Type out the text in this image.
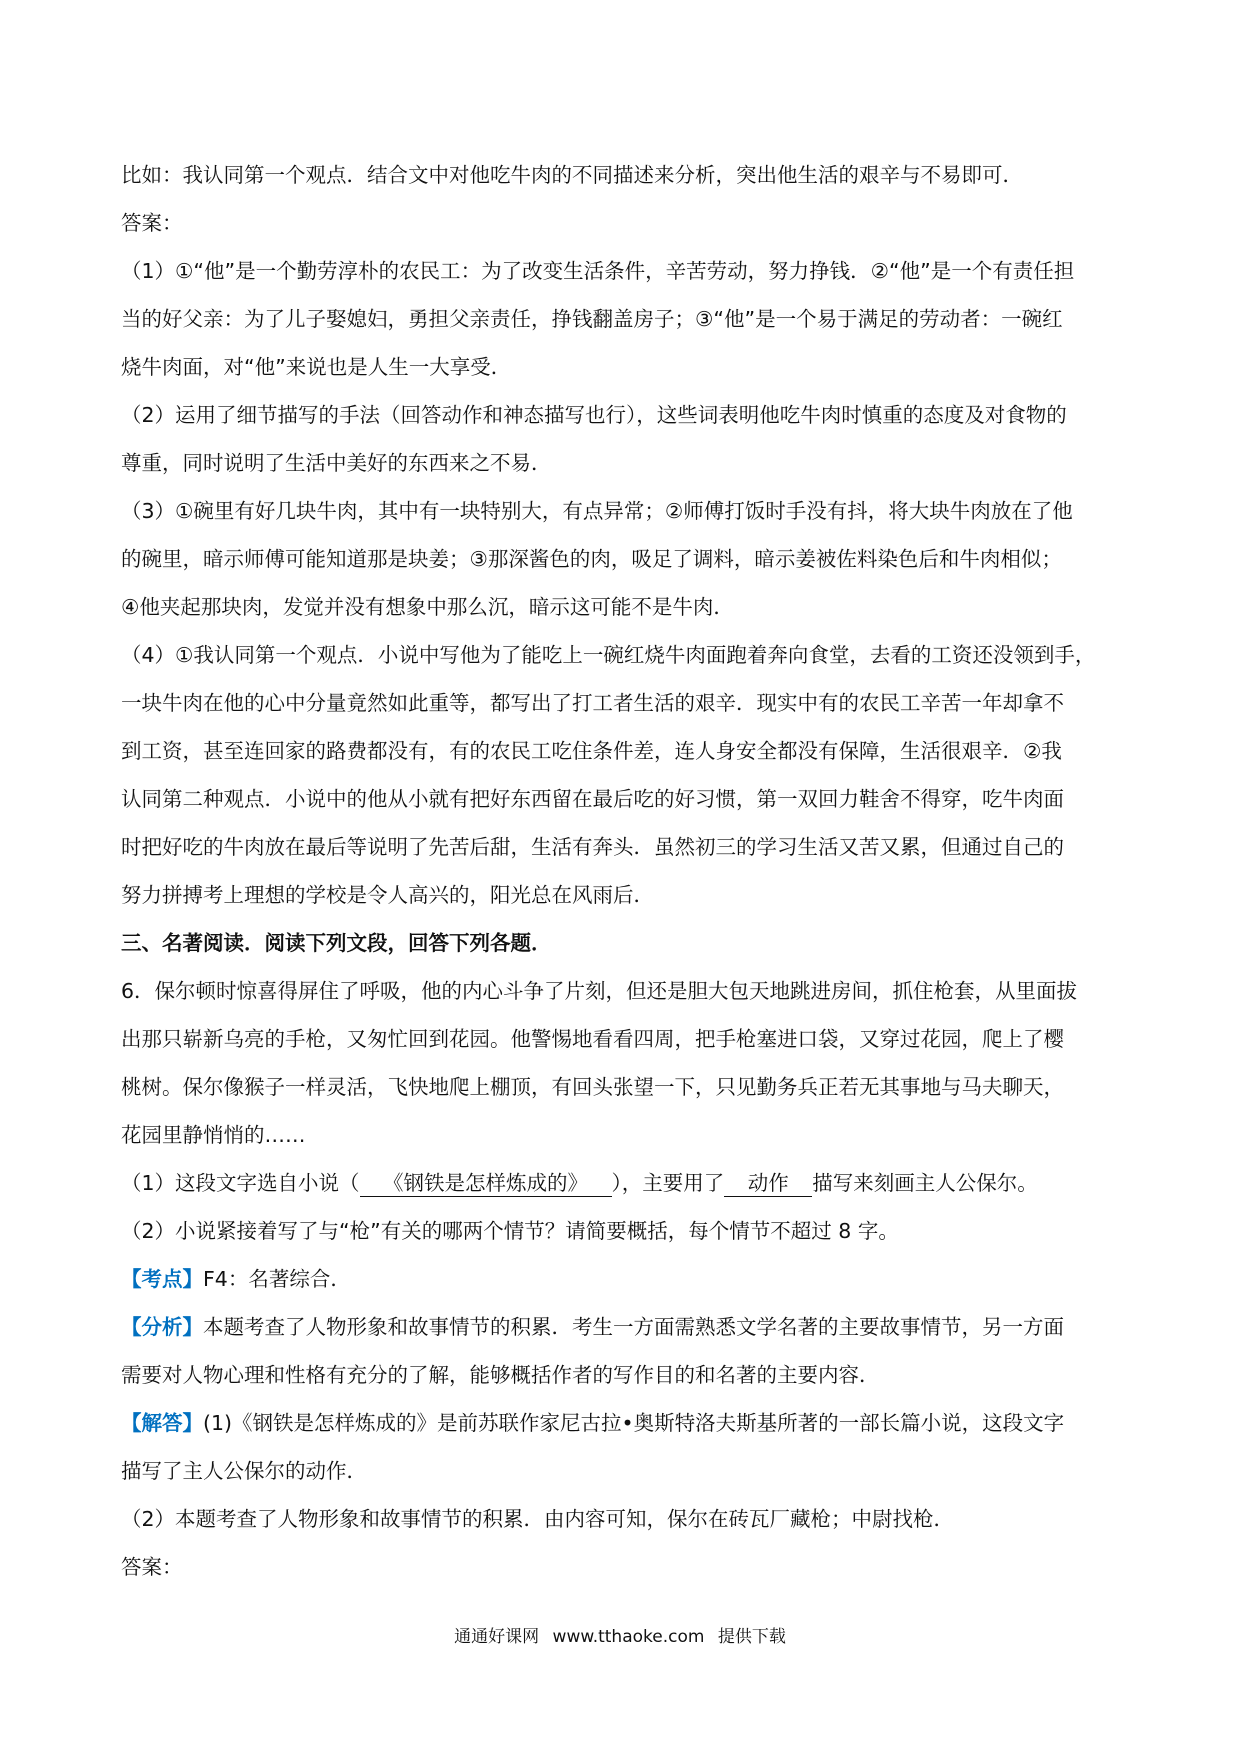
比如：我认同第一个观点．结合文中对他吃牛肉的不同描述来分析，突出他生活的艰辛与不易即可．

答案：

（1）①“他”是一个勤劳淳朴的农民工：为了改变生活条件，辛苦劳动，努力挣钱．②“他”是一个有责任担

当的好父亲：为了儿子娶媳妇，勇担父亲责任，挣钱翻盖房子；③“他”是一个易于满足的劳动者：一碗红

烧牛肉面，对“他”来说也是人生一大享受．

（2）运用了细节描写的手法（回答动作和神态描写也行），这些词表明他吃牛肉时慎重的态度及对食物的

尊重，同时说明了生活中美好的东西来之不易．

（3）①碗里有好几块牛肉，其中有一块特别大，有点异常；②师傅打饭时手没有抖，将大块牛肉放在了他

的碗里，暗示师傅可能知道那是块姜；③那深酱色的肉，吸足了调料，暗示姜被佐料染色后和牛肉相似；

④他夹起那块肉，发觉并没有想象中那么沉，暗示这可能不是牛肉．

（4）①我认同第一个观点．小说中写他为了能吃上一碗红烧牛肉面跑着奔向食堂，去看的工资还没领到手，

一块牛肉在他的心中分量竟然如此重等，都写出了打工者生活的艰辛．现实中有的农民工辛苦一年却拿不

到工资，甚至连回家的路费都没有，有的农民工吃住条件差，连人身安全都没有保障，生活很艰辛．②我

认同第二种观点．小说中的他从小就有把好东西留在最后吃的好习惯，第一双回力鞋舍不得穿，吃牛肉面

时把好吃的牛肉放在最后等说明了先苦后甜，生活有奔头．虽然初三的学习生活又苦又累，但通过自己的

努力拼搏考上理想的学校是令人高兴的，阳光总在风雨后．

三、名著阅读．阅读下列文段，回答下列各题．

6．保尔顿时惊喜得屏住了呼吸，他的内心斗争了片刻，但还是胆大包天地跳进房间，抓住枪套，从里面拔

出那只崭新乌亮的手枪，又匆忙回到花园。他警惕地看看四周，把手枪塞进口袋，又穿过花园，爬上了樱

桃树。保尔像猴子一样灵活，飞快地爬上棚顶，有回头张望一下，只见勤务兵正若无其事地与马夫聊天，

花园里静悄悄的……

（1）这段文字选自小说（ 《钢铁是怎样炼成的》 ），主要用了 动作 描写来刻画主人公保尔。

（2）小说紧接着写了与“枪”有关的哪两个情节？请简要概括，每个情节不超过 8 字。

【考点】F4：名著综合．

【分析】本题考查了人物形象和故事情节的积累．考生一方面需熟悉文学名著的主要故事情节，另一方面

需要对人物心理和性格有充分的了解，能够概括作者的写作目的和名著的主要内容．

【解答】(1)《钢铁是怎样炼成的》是前苏联作家尼古拉•奥斯特洛夫斯基所著的一部长篇小说，这段文字

描写了主人公保尔的动作．

（2）本题考查了人物形象和故事情节的积累．由内容可知，保尔在砖瓦厂藏枪；中尉找枪．

答案：

通通好课网 www.tthaoke.com 提供下载
